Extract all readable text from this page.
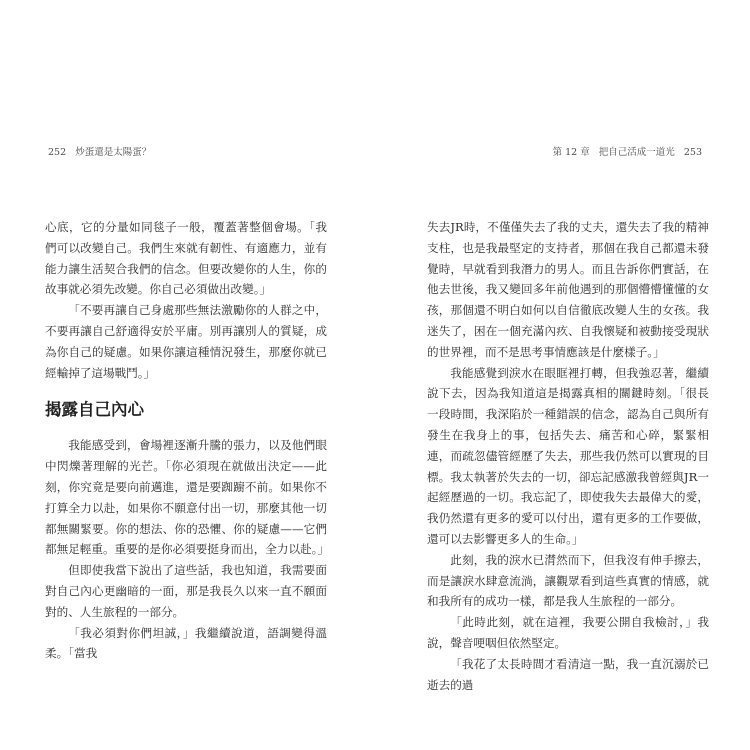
252 炒蛋還是太陽蛋？

心底，它的分量如同毯子一般，覆蓋著整個會場。「我們可以改變自己。我們生來就有韌性、有適應力，並有能力讓生活契合我們的信念。但要改變你的人生，你的故事就必須先改變。你自己必須做出改變。」

「不要再讓自己身處那些無法激勵你的人群之中，不要再讓自己舒適得安於平庸。別再讓別人的質疑，成為你自己的疑慮。如果你讓這種情況發生，那麼你就已經輸掉了這場戰鬥。」

揭露自己內心

我能感受到，會場裡逐漸升騰的張力，以及他們眼中閃爍著理解的光芒。「你必須現在就做出決定——此刻，你究竟是要向前邁進，還是要踟躕不前。如果你不打算全力以赴，如果你不願意付出一切，那麼其他一切都無關緊要。你的想法、你的恐懼、你的疑慮——它們都無足輕重。重要的是你必須要挺身而出，全力以赴。」

但即使我當下說出了這些話，我也知道，我需要面對自己內心更幽暗的一面，那是我長久以來一直不願面對的、人生旅程的一部分。

「我必須對你們坦誠，」我繼續說道，語調變得溫柔。「當我

第 12 章 把自己活成一道光 253

失去JR時，不僅僅失去了我的丈夫，還失去了我的精神支柱，也是我最堅定的支持者，那個在我自己都還未發覺時，早就看到我潛力的男人。而且告訴你們實話，在他去世後，我又變回多年前他遇到的那個懵懵懂懂的女孩，那個還不明白如何以自信徹底改變人生的女孩。我迷失了，困在一個充滿內疚、自我懷疑和被動接受現狀的世界裡，而不是思考事情應該是什麼樣子。」

我能感覺到淚水在眼眶裡打轉，但我強忍著，繼續說下去，因為我知道這是揭露真相的關鍵時刻。「很長一段時間，我深陷於一種錯誤的信念，認為自己與所有發生在我身上的事，包括失去、痛苦和心碎，緊緊相連，而疏忽儘管經歷了失去，那些我仍然可以實現的目標。我太執著於失去的一切，卻忘記感激我曾經與JR一起經歷過的一切。我忘記了，即使我失去最偉大的愛，我仍然還有更多的愛可以付出，還有更多的工作要做，還可以去影響更多人的生命。」

此刻，我的淚水已潸然而下，但我沒有伸手擦去，而是讓淚水肆意流淌，讓觀眾看到這些真實的情感，就和我所有的成功一樣，都是我人生旅程的一部分。

「此時此刻，就在這裡，我要公開自我檢討，」我說，聲音哽咽但依然堅定。

「我花了太長時間才看清這一點，我一直沉溺於已逝去的過
